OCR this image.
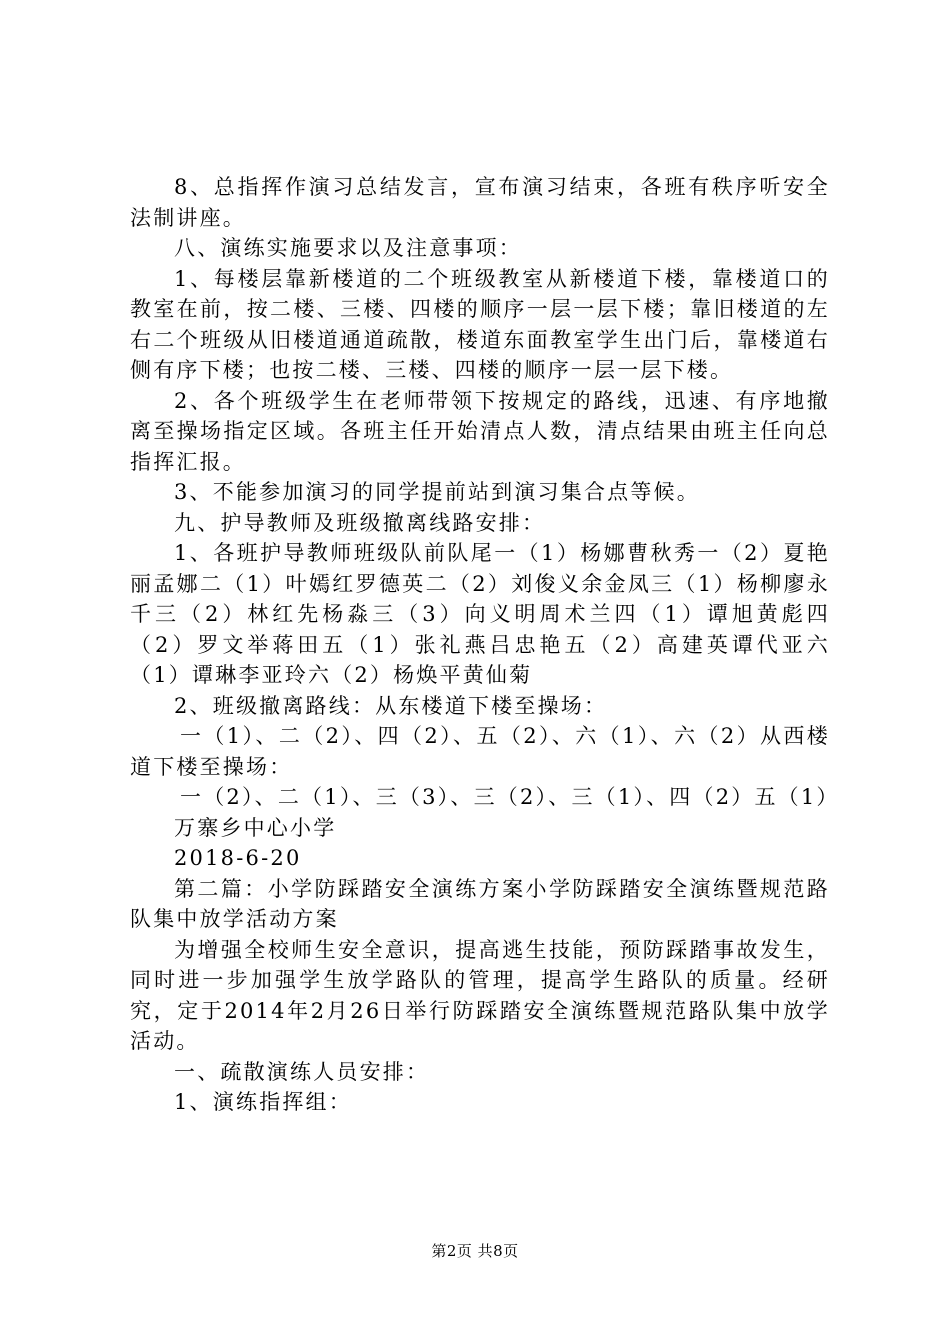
8、总指挥作演习总结发言，宣布演习结束，各班有秩序听安全法制讲座。

八、演练实施要求以及注意事项：

1、每楼层靠新楼道的二个班级教室从新楼道下楼，靠楼道口的教室在前，按二楼、三楼、四楼的顺序一层一层下楼；靠旧楼道的左右二个班级从旧楼道通道疏散，楼道东面教室学生出门后，靠楼道右侧有序下楼；也按二楼、三楼、四楼的顺序一层一层下楼。

2、各个班级学生在老师带领下按规定的路线，迅速、有序地撤离至操场指定区域。各班主任开始清点人数，清点结果由班主任向总指挥汇报。

3、不能参加演习的同学提前站到演习集合点等候。

九、护导教师及班级撤离线路安排：

1、各班护导教师班级队前队尾一（1）杨娜曹秋秀一（2）夏艳丽孟娜二（1）叶嫣红罗德英二（2）刘俊义余金凤三（1）杨柳廖永千三（2）林红先杨淼三（3）向义明周术兰四（1）谭旭黄彪四（2）罗文举蒋田五（1）张礼燕吕忠艳五（2）高建英谭代亚六（1）谭琳李亚玲六（2）杨焕平黄仙菊

2、班级撤离路线：从东楼道下楼至操场：

一（1）、二（2）、四（2）、五（2）、六（1）、六（2）从西楼道下楼至操场：

一（2）、二（1）、三（3）、三（2）、三（1）、四（2）五（1）

万寨乡中心小学

2018-6-20

第二篇：小学防踩踏安全演练方案小学防踩踏安全演练暨规范路队集中放学活动方案

为增强全校师生安全意识，提高逃生技能，预防踩踏事故发生，同时进一步加强学生放学路队的管理，提高学生路队的质量。经研究，定于2014年2月26日举行防踩踏安全演练暨规范路队集中放学活动。

一、疏散演练人员安排：

1、演练指挥组：

第2页 共8页
